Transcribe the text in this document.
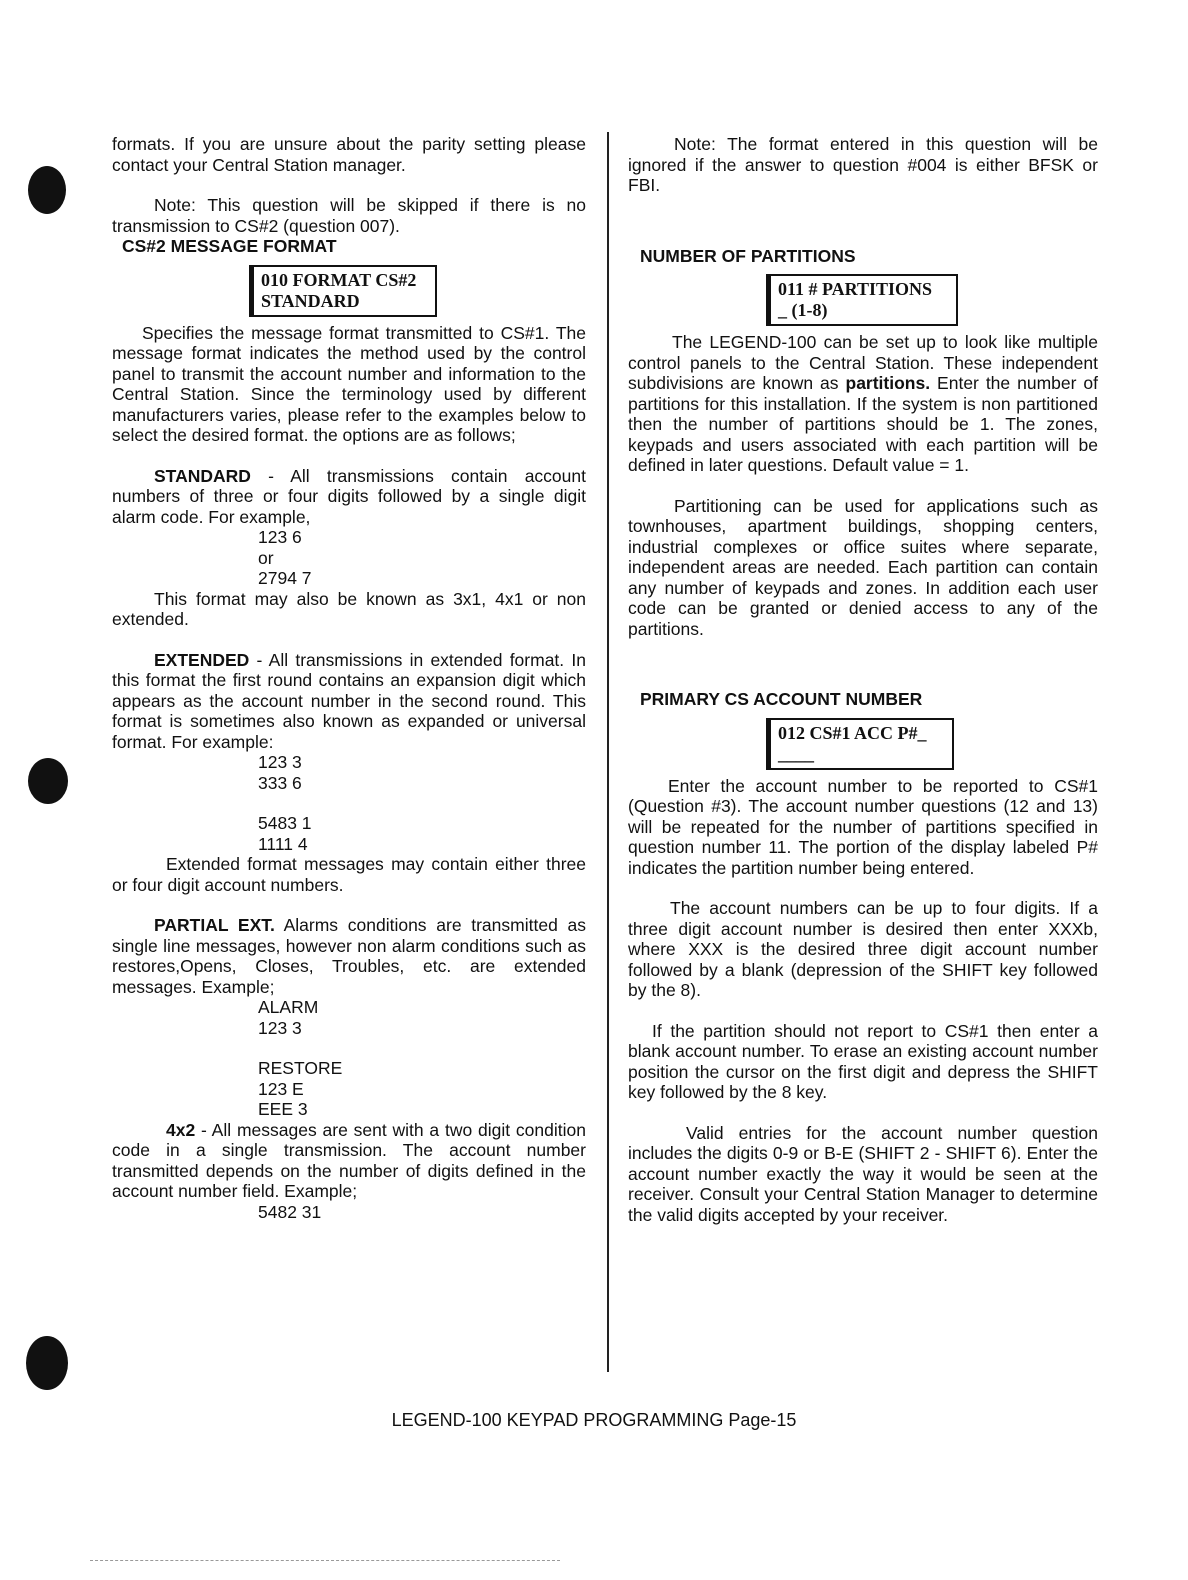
formats. If you are unsure about the parity setting please contact your Central Station manager.

Note: This question will be skipped if there is no transmission to CS#2 (question 007).

CS#2 MESSAGE FORMAT

010 FORMAT CS#2
STANDARD

Specifies the message format transmitted to CS#1. The message format indicates the method used by the control panel to transmit the account number and information to the Central Station. Since the terminology used by different manufacturers varies, please refer to the examples below to select the desired format. the options are as follows;

STANDARD - All transmissions contain account numbers of three or four digits followed by a single digit alarm code. For example,

123 6

or

2794 7

This format may also be known as 3x1, 4x1 or non extended.

EXTENDED - All transmissions in extended format. In this format the first round contains an expansion digit which appears as the account number in the second round. This format is sometimes also known as expanded or universal format. For example:

123 3

333 6

5483 1

1111 4

Extended format messages may contain either three or four digit account numbers.

PARTIAL EXT. Alarms conditions are transmitted as single line messages, however non alarm conditions such as restores,Opens, Closes, Troubles, etc. are extended messages. Example;

ALARM

123 3

RESTORE

123 E

EEE 3

4x2 - All messages are sent with a two digit condition code in a single transmission. The account number transmitted depends on the number of digits defined in the account number field. Example;

5482 31

Note: The format entered in this question will be ignored if the answer to question #004 is either BFSK or FBI.

NUMBER OF PARTITIONS

011 # PARTITIONS
_ (1-8)

The LEGEND-100 can be set up to look like multiple control panels to the Central Station. These independent subdivisions are known as partitions. Enter the number of partitions for this installation. If the system is non partitioned then the number of partitions should be 1. The zones, keypads and users associated with each partition will be defined in later questions. Default value = 1.

Partitioning can be used for applications such as townhouses, apartment buildings, shopping centers, industrial complexes or office suites where separate, independent areas are needed. Each partition can contain any number of keypads and zones. In addition each user code can be granted or denied access to any of the partitions.

PRIMARY CS ACCOUNT NUMBER

012 CS#1 ACC P#_
____

Enter the account number to be reported to CS#1 (Question #3). The account number questions (12 and 13) will be repeated for the number of partitions specified in question number 11. The portion of the display labeled P# indicates the partition number being entered.

The account numbers can be up to four digits. If a three digit account number is desired then enter XXXb, where XXX is the desired three digit account number followed by a blank (depression of the SHIFT key followed by the 8).

If the partition should not report to CS#1 then enter a blank account number. To erase an existing account number position the cursor on the first digit and depress the SHIFT key followed by the 8 key.

Valid entries for the account number question includes the digits 0-9 or B-E (SHIFT 2 - SHIFT 6). Enter the account number exactly the way it would be seen at the receiver. Consult your Central Station Manager to determine the valid digits accepted by your receiver.

LEGEND-100 KEYPAD PROGRAMMING Page-15
